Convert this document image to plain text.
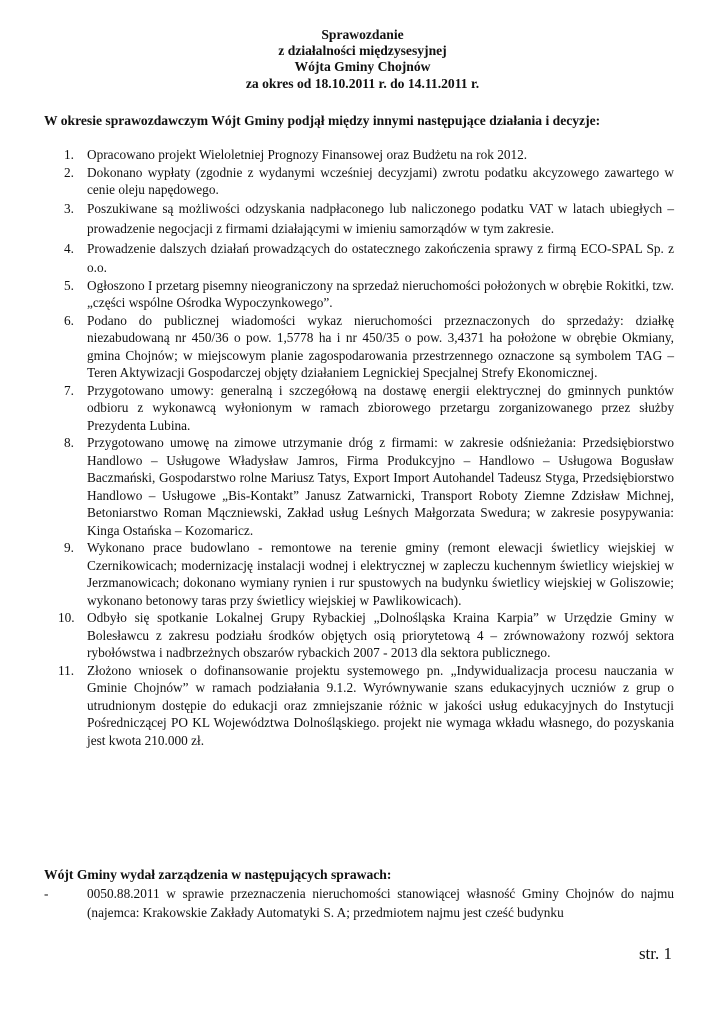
Sprawozdanie
z działalności międzysesyjnej
Wójta Gminy Chojnów
za okres od 18.10.2011 r. do 14.11.2011 r.
W okresie sprawozdawczym Wójt Gminy podjął między innymi następujące działania i decyzje:
1. Opracowano projekt Wieloletniej Prognozy Finansowej oraz Budżetu na rok 2012.
2. Dokonano wypłaty (zgodnie z wydanymi wcześniej decyzjami) zwrotu podatku akcyzowego zawartego w cenie oleju napędowego.
3. Poszukiwane są możliwości odzyskania nadpłaconego lub naliczonego podatku VAT w latach ubiegłych – prowadzenie negocjacji z firmami działającymi w imieniu samorządów w tym zakresie.
4. Prowadzenie dalszych działań prowadzących do ostatecznego zakończenia sprawy z firmą ECO-SPAL Sp. z o.o.
5. Ogłoszono I przetarg pisemny nieograniczony na sprzedaż nieruchomości położonych w obrębie Rokitki, tzw. „części wspólne Ośrodka Wypoczynkowego”.
6. Podano do publicznej wiadomości wykaz nieruchomości przeznaczonych do sprzedaży: działkę niezabudowaną nr 450/36 o pow. 1,5778 ha i nr 450/35 o pow. 3,4371 ha położone w obrębie Okmiany, gmina Chojnów; w miejscowym planie zagospodarowania przestrzennego oznaczone są symbolem TAG – Teren Aktywizacji Gospodarczej objęty działaniem Legnickiej Specjalnej Strefy Ekonomicznej.
7. Przygotowano umowy: generalną i szczegółową na dostawę energii elektrycznej do gminnych punktów odbioru z wykonawcą wyłonionym w ramach zbiorowego przetargu zorganizowanego przez służby Prezydenta Lubina.
8. Przygotowano umowę na zimowe utrzymanie dróg z firmami: w zakresie odśnieżania: Przedsiębiorstwo Handlowo – Usługowe Władysław Jamros, Firma Produkcyjno – Handlowo – Usługowa Bogusław Baczmański, Gospodarstwo rolne Mariusz Tatys, Export Import Autohandel Tadeusz Styga, Przedsiębiorstwo Handlowo – Usługowe „Bis-Kontakt” Janusz Zatwarnicki, Transport Roboty Ziemne Zdzisław Michnej, Betoniarstwo Roman Mączniewski, Zakład usług Leśnych Małgorzata Swedura; w zakresie posypywania: Kinga Ostańska – Kozomaricz.
9. Wykonano prace budowlano - remontowe na terenie gminy (remont elewacji świetlicy wiejskiej w Czernikowicach; modernizację instalacji wodnej i elektrycznej w zapleczu kuchennym świetlicy wiejskiej w Jerzmanowicach; dokonano wymiany rynien i rur spustowych na budynku świetlicy wiejskiej w Goliszowie; wykonano betonowy taras przy świetlicy wiejskiej w Pawlikowicach).
10. Odbyło się spotkanie Lokalnej Grupy Rybackiej „Dolnośląska Kraina Karpia” w Urzędzie Gminy w Bolesławcu z zakresu podziału środków objętych osią priorytetową 4 – zrównoważony rozwój sektora rybołówstwa i nadbrzeżnych obszarów rybackich 2007 - 2013 dla sektora publicznego.
11. Złożono wniosek o dofinansowanie projektu systemowego pn. „Indywidualizacja procesu nauczania w Gminie Chojnów” w ramach podziałania 9.1.2. Wyrównywanie szans edukacyjnych uczniów z grup o utrudnionym dostępie do edukacji oraz zmniejszanie różnic w jakości usług edukacyjnych do Instytucji Pośredniczącej PO KL Województwa Dolnośląskiego. projekt nie wymaga wkładu własnego, do pozyskania jest kwota 210.000 zł.
Wójt Gminy wydał zarządzenia w następujących sprawach:
-	0050.88.2011 w sprawie przeznaczenia nieruchomości stanowiącej własność Gminy Chojnów do najmu (najemca: Krakowskie Zakłady Automatyki S. A; przedmiotem najmu jest cześć budynku
str. 1
